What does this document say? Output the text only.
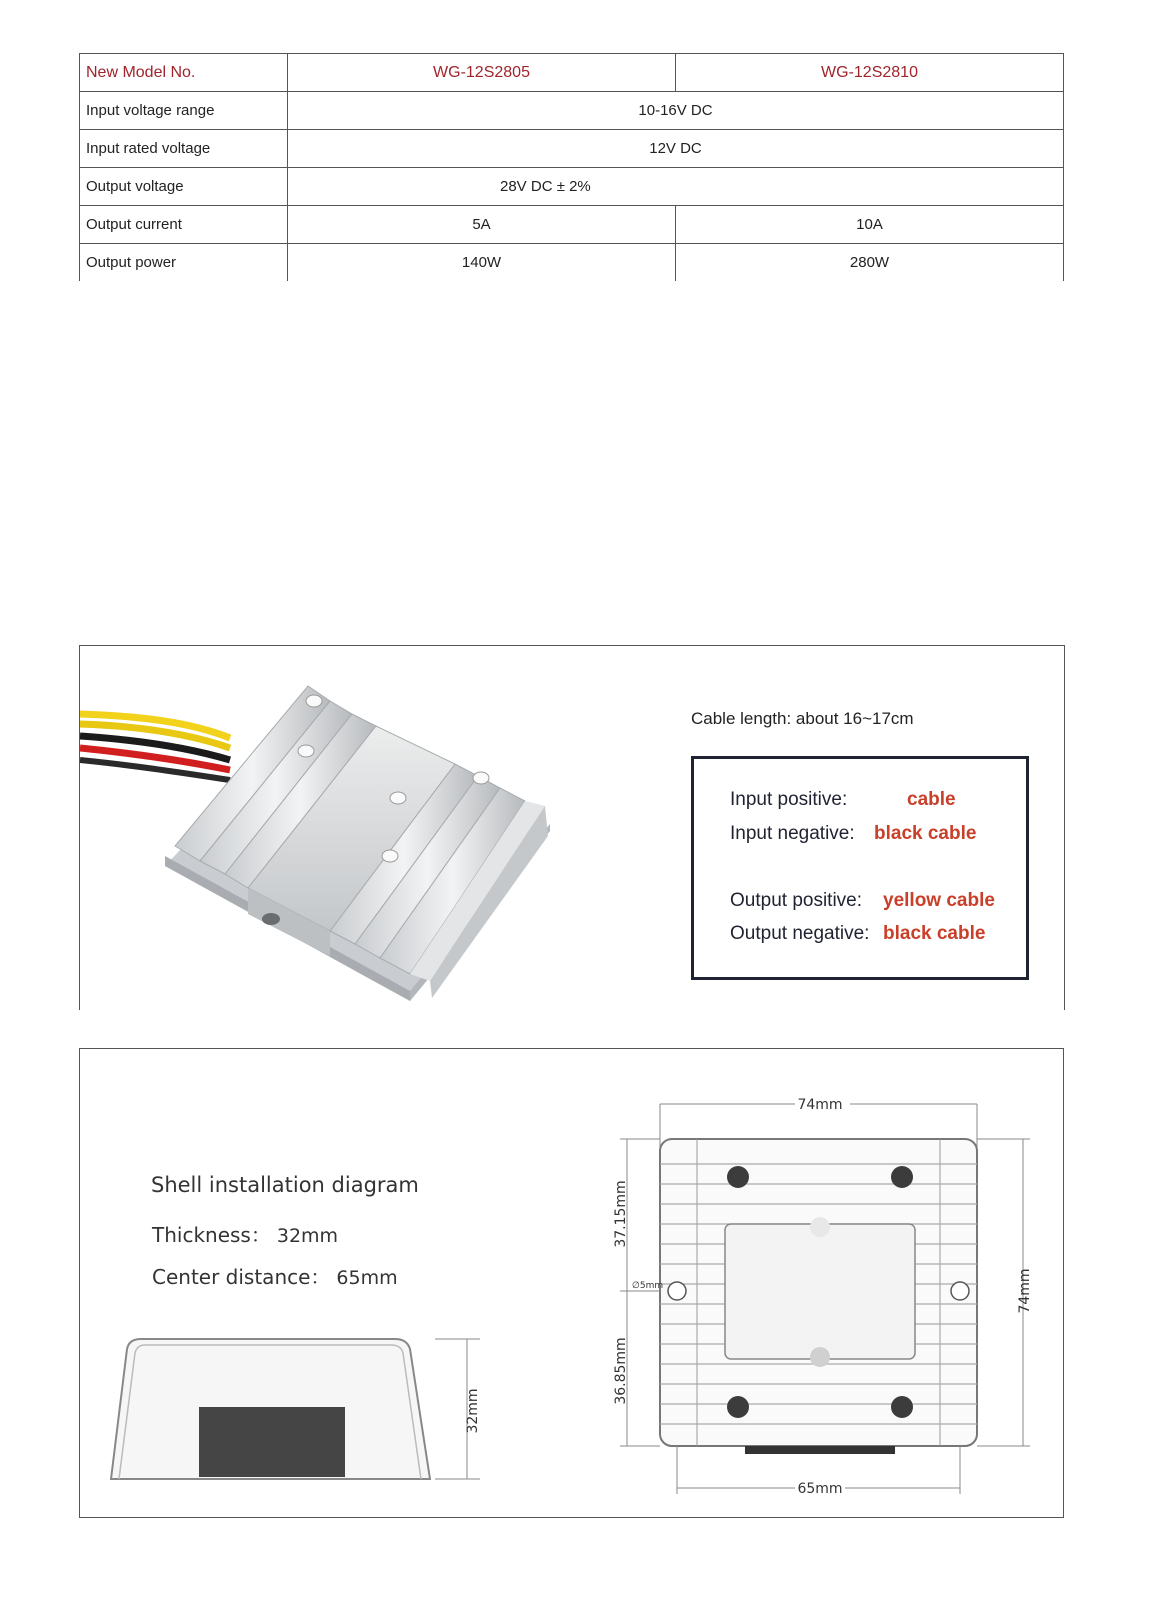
New Model No.	WG-12S2805	WG-12S2810
Input voltage range	10-16V DC	
Input rated voltage	12V DC	
Output voltage	28V DC ± 2%	
Output current	5A	10A
Output power	140W	280W
Cable length: about 16~17cm
Input positive:	cable
Input negative: black cable
Output positive: yellow cable
Output negative: black cable
Shell installation diagram
Thickness： 32mm
Center distance： 65mm
32mm
74mm
37.15mm
36.85mm
∅5mm	74mm
65mm
